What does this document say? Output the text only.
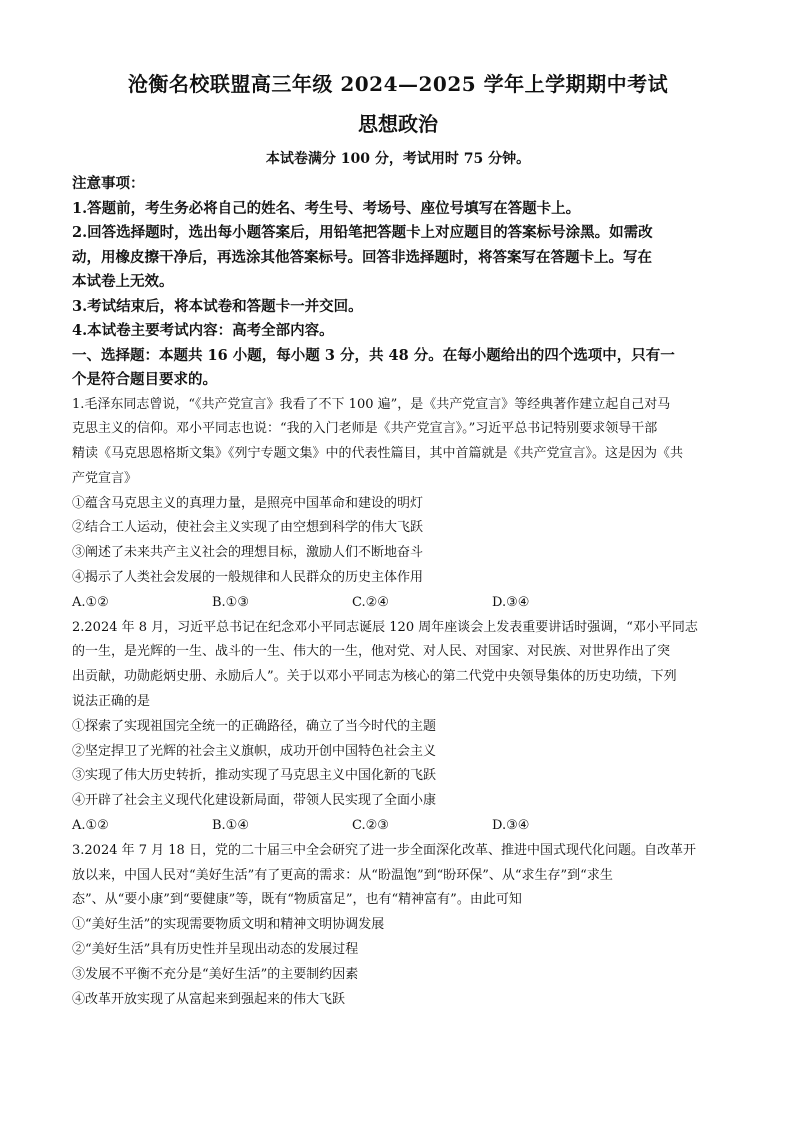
沧衡名校联盟高三年级 2024—2025 学年上学期期中考试
思想政治
本试卷满分 100 分，考试用时 75 分钟。

注意事项：

1.答题前，考生务必将自己的姓名、考生号、考场号、座位号填写在答题卡上。

2.回答选择题时，选出每小题答案后，用铅笔把答题卡上对应题目的答案标号涂黑。如需改

动，用橡皮擦干净后，再选涂其他答案标号。回答非选择题时，将答案写在答题卡上。写在

本试卷上无效。

3.考试结束后，将本试卷和答题卡一并交回。

4.本试卷主要考试内容：高考全部内容。

一、选择题：本题共 16 小题，每小题 3 分，共 48 分。在每小题给出的四个选项中，只有一

个是符合题目要求的。

1.毛泽东同志曾说，“《共产党宣言》我看了不下 100 遍”，是《共产党宣言》等经典著作建立起自己对马

克思主义的信仰。邓小平同志也说：“我的入门老师是《共产党宣言》。”习近平总书记特别要求领导干部

精读《马克思恩格斯文集》《列宁专题文集》中的代表性篇目，其中首篇就是《共产党宣言》。这是因为《共

产党宣言》

①蕴含马克思主义的真理力量，是照亮中国革命和建设的明灯

②结合工人运动，使社会主义实现了由空想到科学的伟大飞跃

③阐述了未来共产主义社会的理想目标，激励人们不断地奋斗

④揭示了人类社会发展的一般规律和人民群众的历史主体作用

A.①②	B.①③	C.②④	D.③④

2.2024 年 8 月，习近平总书记在纪念邓小平同志诞辰 120 周年座谈会上发表重要讲话时强调，“邓小平同志

的一生，是光辉的一生、战斗的一生、伟大的一生，他对党、对人民、对国家、对民族、对世界作出了突

出贡献，功勋彪炳史册、永励后人”。关于以邓小平同志为核心的第二代党中央领导集体的历史功绩，下列

说法正确的是

①探索了实现祖国完全统一的正确路径，确立了当今时代的主题

②坚定捍卫了光辉的社会主义旗帜，成功开创中国特色社会主义

③实现了伟大历史转折，推动实现了马克思主义中国化新的飞跃

④开辟了社会主义现代化建设新局面，带领人民实现了全面小康

A.①②	B.①④	C.②③	D.③④

3.2024 年 7 月 18 日，党的二十届三中全会研究了进一步全面深化改革、推进中国式现代化问题。自改革开

放以来，中国人民对“美好生活”有了更高的需求：从“盼温饱”到“盼环保”、从“求生存”到“求生

态”、从“要小康”到“要健康”等，既有“物质富足”，也有“精神富有”。由此可知

①“美好生活”的实现需要物质文明和精神文明协调发展

②“美好生活”具有历史性并呈现出动态的发展过程

③发展不平衡不充分是“美好生活”的主要制约因素

④改革开放实现了从富起来到强起来的伟大飞跃
